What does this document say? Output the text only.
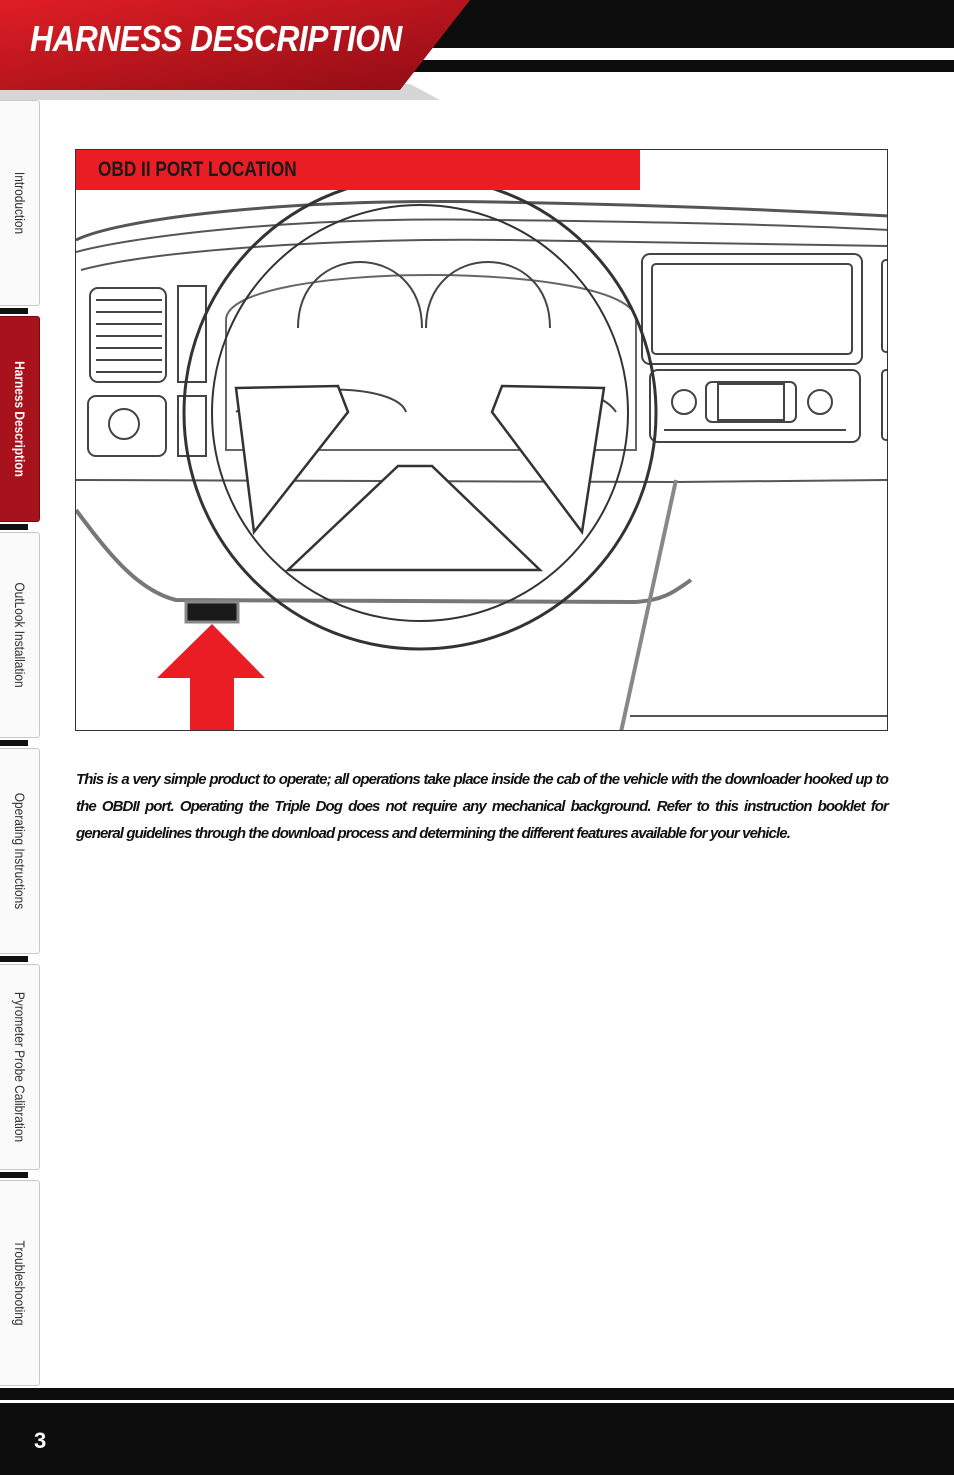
HARNESS DESCRIPTION
Introduction
Harness Description
OutLook Installation
Operating Instructions
Pyrometer Probe Calibration
Troubleshooting
OBD II PORT LOCATION

This is a very simple product to operate; all operations take place inside the cab of the vehicle with the downloader hooked up to the OBDII port. Operating the Triple Dog does not require any mechanical background. Refer to this instruction booklet for general guidelines through the download process and determining the different features available for your vehicle.

3
